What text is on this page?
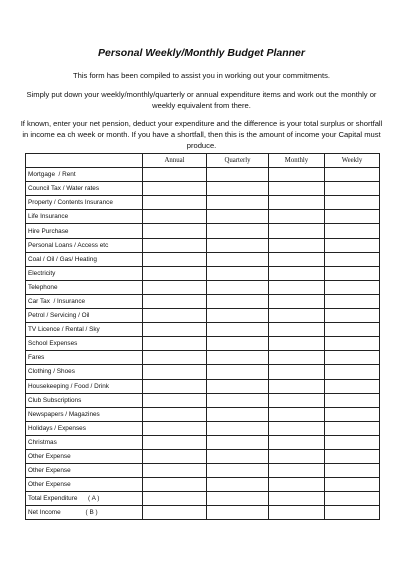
Personal Weekly/Monthly Budget Planner
This form has been compiled to assist you in working out your commitments.
Simply put down your weekly/monthly/quarterly or annual expenditure items and work out the monthly or weekly equivalent from there.
If known, enter your net pension, deduct your expenditure and the difference is your total surplus or shortfall in income ea ch week or month. If you have a shortfall, then this is the amount of income your Capital must produce.
	Annual	Quarterly	Monthly	Weekly
Mortgage  / Rent				
Council Tax / Water rates				
Property / Contents Insurance				
Life Insurance				
Hire Purchase				
Personal Loans / Access etc				
Coal / Oil / Gas/ Heating				
Electricity				
Telephone				
Car Tax  / Insurance				
Petrol / Servicing / Oil				
TV Licence / Rental / Sky				
School Expenses				
Fares				
Clothing / Shoes				
Housekeeping / Food / Drink				
Club Subscriptions				
Newspapers / Magazines				
Holidays / Expenses				
Christmas				
Other Expense				
Other Expense				
Other Expense				
Total Expenditure      ( A )				
Net Income              ( B )				
